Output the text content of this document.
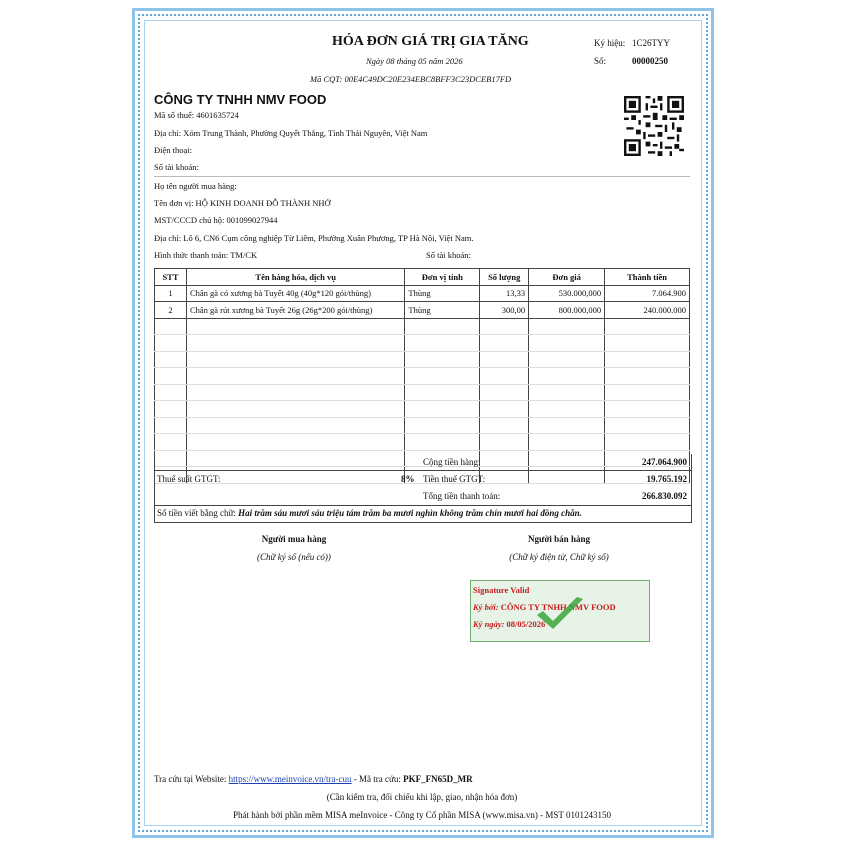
HÓA ĐƠN GIÁ TRỊ GIA TĂNG
Ngày 08 tháng 05 năm 2026
Mã CQT: 00E4C49DC20E234EBC8BFF3C23DCEB17FD
Ký hiệu: 1C26TYY
Số:	00000250
CÔNG TY TNHH NMV FOOD
Mã số thuế: 4601635724
Địa chỉ: Xóm Trung Thành, Phường Quyết Thắng, Tỉnh Thái Nguyên, Việt Nam
Điện thoại:
Số tài khoản:
Họ tên người mua hàng:
Tên đơn vị: HỘ KINH DOANH ĐỖ THÀNH NHỚ
MST/CCCD chủ hộ: 001099027944
Địa chỉ: Lô 6, CN6 Cụm công nghiệp Từ Liêm, Phường Xuân Phương, TP Hà Nội, Việt Nam.
Hình thức thanh toán: TM/CK	Số tài khoản:
STT	Tên hàng hóa, dịch vụ	Đơn vị tính	Số lượng	Đơn giá	Thành tiền
1	Chân gà có xương bà Tuyết 40g (40g*120 gói/thùng)	Thùng	13,33	530.000,000	7.064.900
2	Chân gà rút xương bà Tuyết 26g (26g*200 gói/thùng)	Thùng	300,00	800.000,000	240.000.000

Cộng tiền hàng:	247.064.900
Thuế suất GTGT:	8% Tiền thuế GTGT:	19.765.192
Tổng tiền thanh toán:	266.830.092
Số tiền viết bằng chữ: Hai trăm sáu mươi sáu triệu tám trăm ba mươi nghìn không trăm chín mươi hai đồng chẵn.
Người mua hàng
(Chữ ký số (nếu có))
Người bán hàng
(Chữ ký điện tử, Chữ ký số)
Signature Valid
Ký bởi: CÔNG TY TNHH NMV FOOD
Ký ngày: 08/05/2026
Tra cứu tại Website: https://www.meinvoice.vn/tra-cuu - Mã tra cứu: PKF_FN65D_MR
(Cần kiểm tra, đối chiếu khi lập, giao, nhận hóa đơn)
Phát hành bởi phần mềm MISA meInvoice - Công ty Cổ phần MISA (www.misa.vn) - MST 0101243150
